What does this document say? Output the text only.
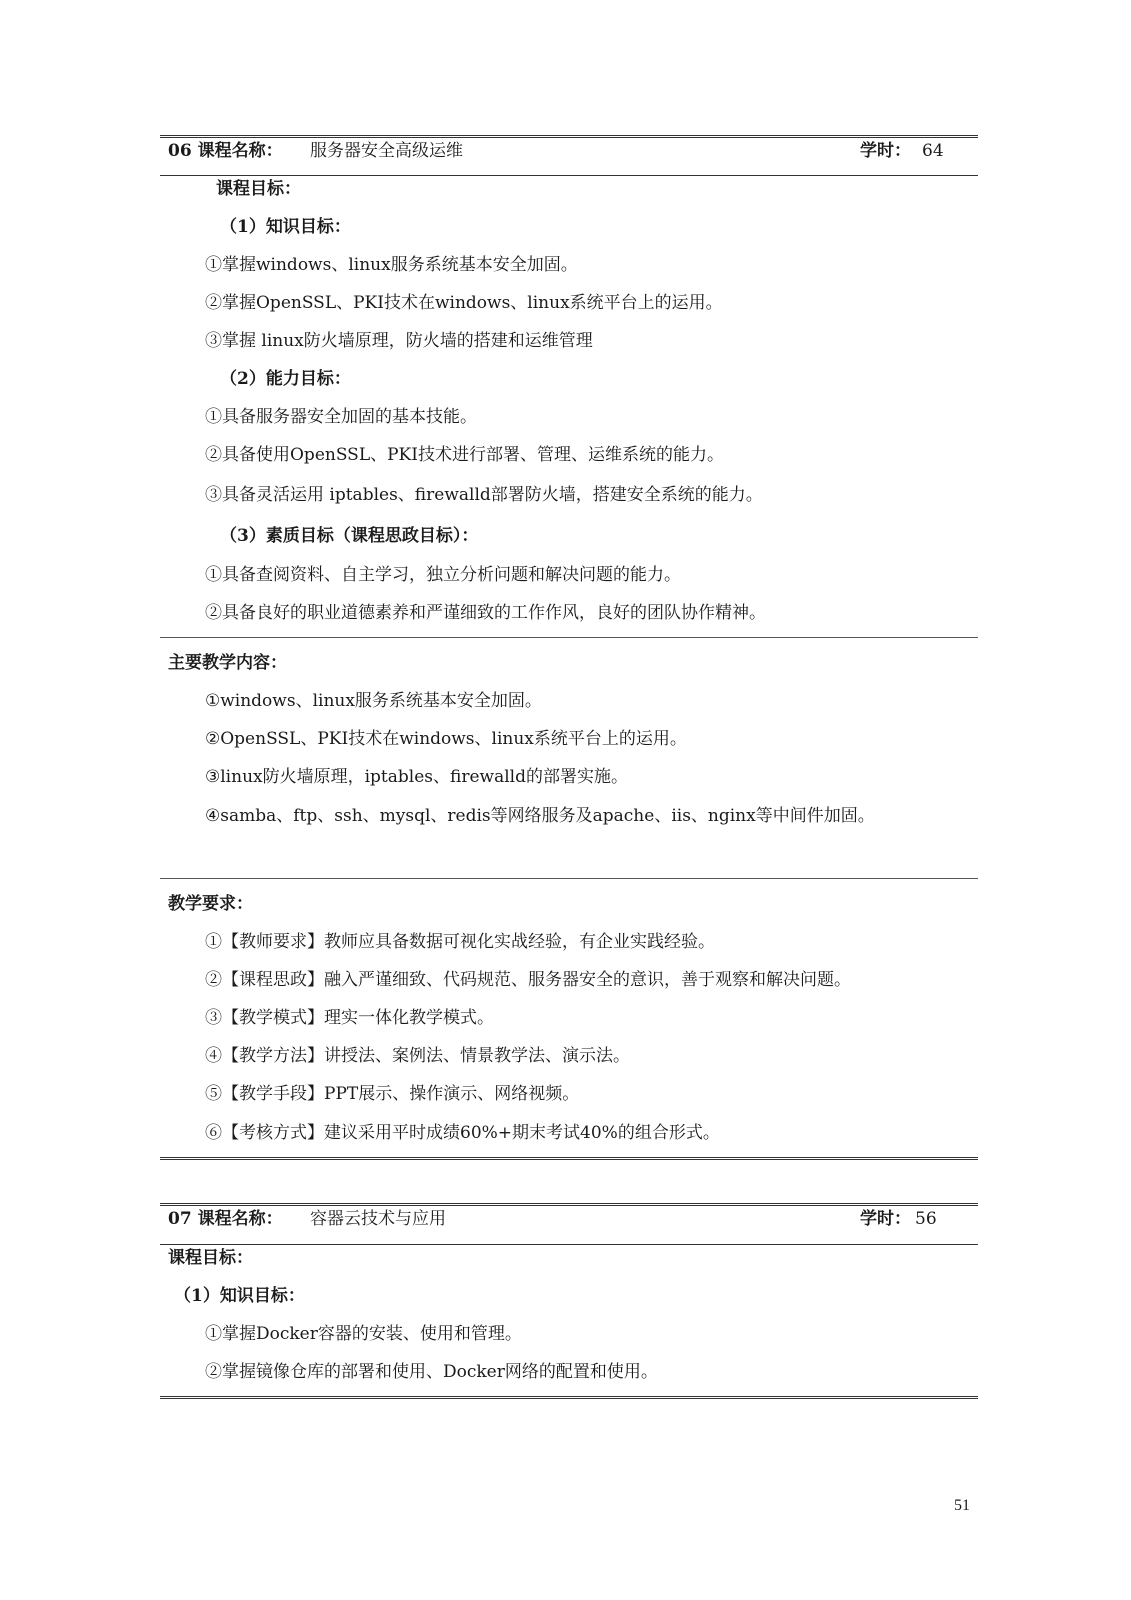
06 课程名称： 服务器安全高级运维	学时： 64
课程目标：
（1）知识目标：
①掌握windows、linux服务系统基本安全加固。
②掌握OpenSSL、PKI技术在windows、linux系统平台上的运用。
③掌握 linux防火墙原理，防火墙的搭建和运维管理
（2）能力目标：
①具备服务器安全加固的基本技能。
②具备使用OpenSSL、PKI技术进行部署、管理、运维系统的能力。
③具备灵活运用 iptables、firewalld部署防火墙，搭建安全系统的能力。
（3）素质目标（课程思政目标）：
①具备查阅资料、自主学习，独立分析问题和解决问题的能力。
②具备良好的职业道德素养和严谨细致的工作作风，良好的团队协作精神。
主要教学内容：
①windows、linux服务系统基本安全加固。
②OpenSSL、PKI技术在windows、linux系统平台上的运用。
③linux防火墙原理，iptables、firewalld的部署实施。
④samba、ftp、ssh、mysql、redis等网络服务及apache、iis、nginx等中间件加固。
教学要求：
①【教师要求】教师应具备数据可视化实战经验，有企业实践经验。
②【课程思政】融入严谨细致、代码规范、服务器安全的意识，善于观察和解决问题。
③【教学模式】理实一体化教学模式。
④【教学方法】讲授法、案例法、情景教学法、演示法。
⑤【教学手段】PPT展示、操作演示、网络视频。
⑥【考核方式】建议采用平时成绩60%+期末考试40%的组合形式。
07 课程名称： 容器云技术与应用	学时： 56
课程目标：
（1）知识目标：
①掌握Docker容器的安装、使用和管理。
②掌握镜像仓库的部署和使用、Docker网络的配置和使用。
51
